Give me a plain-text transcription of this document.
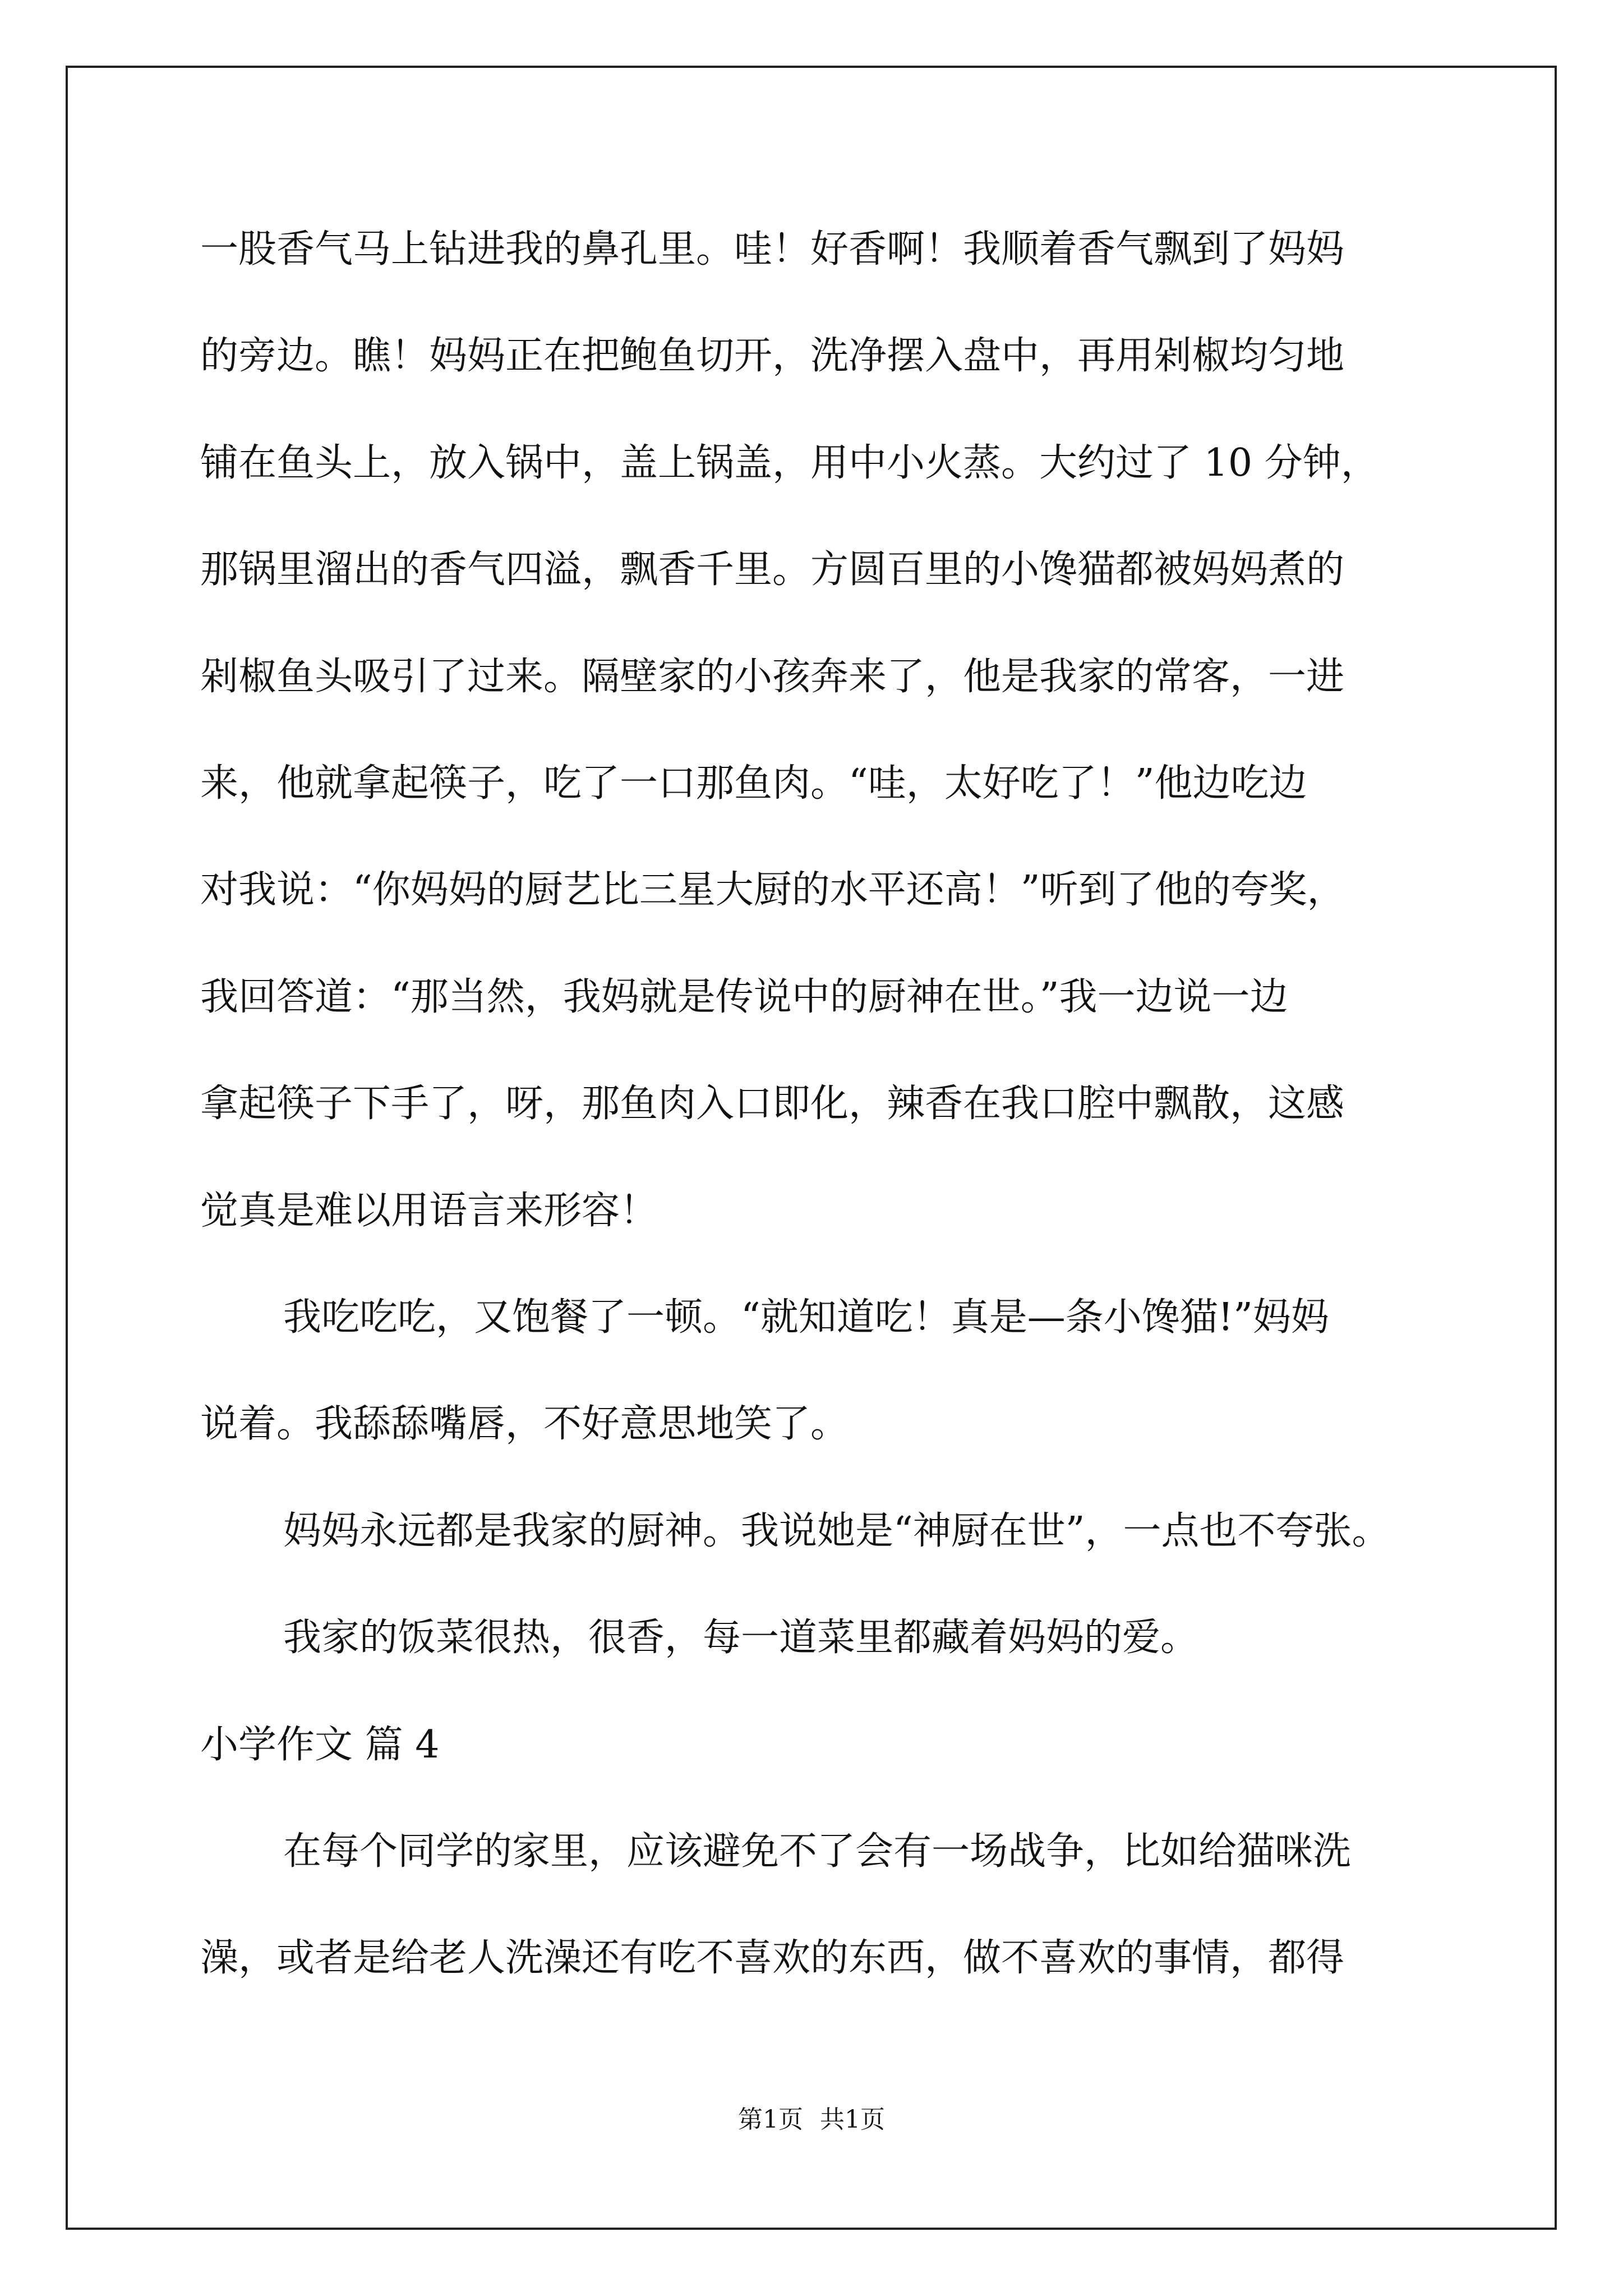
一股香气马上钻进我的鼻孔里。哇！好香啊！我顺着香气飘到了妈妈
的旁边。瞧！妈妈正在把鲍鱼切开，洗净摆入盘中，再用剁椒均匀地
铺在鱼头上，放入锅中，盖上锅盖，用中小火蒸。大约过了 10 分钟，
那锅里溜出的香气四溢，飘香千里。方圆百里的小馋猫都被妈妈煮的
剁椒鱼头吸引了过来。隔壁家的小孩奔来了，他是我家的常客，一进
来，他就拿起筷子，吃了一口那鱼肉。“哇，太好吃了！”他边吃边
对我说：“你妈妈的厨艺比三星大厨的水平还高！”听到了他的夸奖，
我回答道：“那当然，我妈就是传说中的厨神在世。”我一边说一边
拿起筷子下手了，呀，那鱼肉入口即化，辣香在我口腔中飘散，这感
觉真是难以用语言来形容！
我吃吃吃，又饱餐了一顿。“就知道吃！真是—条小馋猫!”妈妈
说着。我舔舔嘴唇，不好意思地笑了。
妈妈永远都是我家的厨神。我说她是“神厨在世”，一点也不夸张。
我家的饭菜很热，很香，每一道菜里都藏着妈妈的爱。
小学作文 篇 4
在每个同学的家里，应该避免不了会有一场战争，比如给猫咪洗
澡，或者是给老人洗澡还有吃不喜欢的东西，做不喜欢的事情，都得
第1页 共1页
